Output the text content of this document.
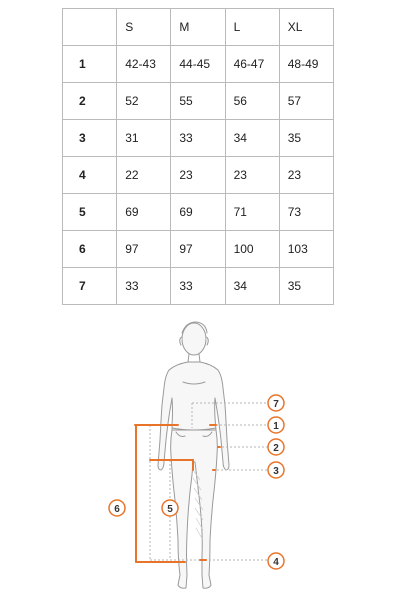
	S	M	L	XL
1	42-43	44-45	46-47	48-49
2	52	55	56	57
3	31	33	34	35
4	22	23	23	23
5	69	69	71	73
6	97	97	100	103
7	33	33	34	35
7
1
2
3
4
5
6
